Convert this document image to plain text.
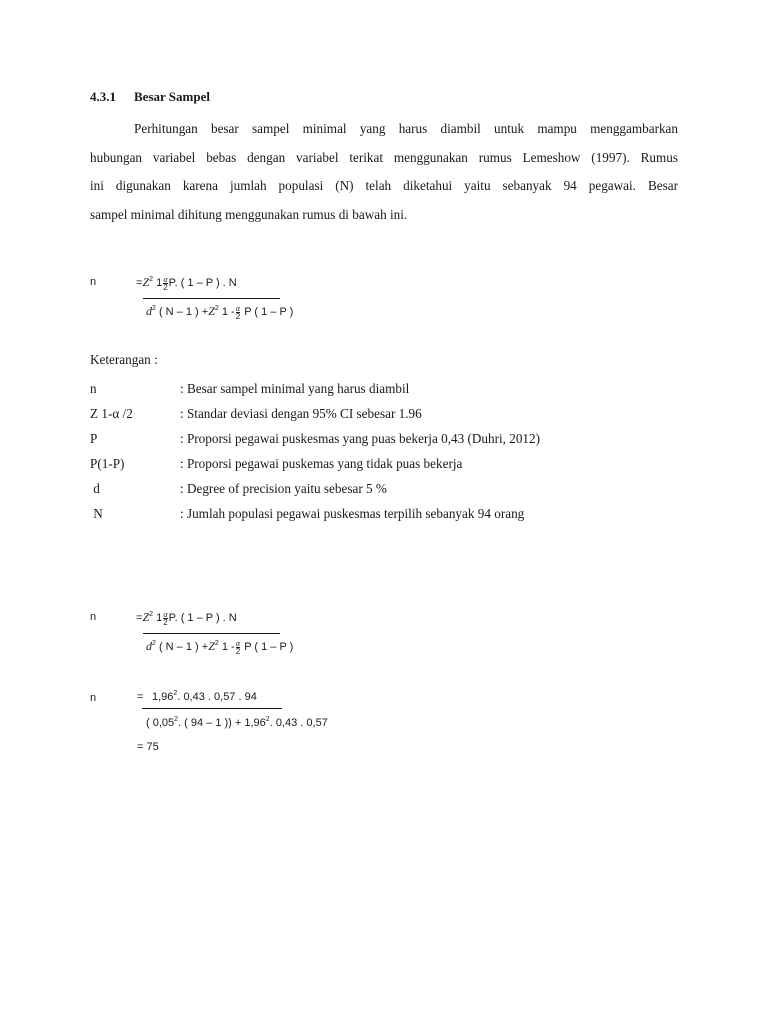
4.3.1 Besar Sampel
Perhitungan besar sampel minimal yang harus diambil untuk mampu menggambarkan
hubungan variabel bebas dengan variabel terikat menggunakan rumus Lemeshow (1997). Rumus
ini digunakan karena jumlah populasi (N) telah diketahui yaitu sebanyak 94 pegawai. Besar
sampel minimal dihitung menggunakan rumus di bawah ini.
n	$=Z^2$ $1 \frac{\alpha}{2} P$. ( 1 – P ) . N
$d^2$ ( N – 1 ) $+Z^2$ $1 - \frac{\alpha}{2}$ P ( 1 – P )
Keterangan :
n	: Besar sampel minimal yang harus diambil
Z 1-α /2	: Standar deviasi dengan 95% CI sebesar 1.96
P	: Proporsi pegawai puskesmas yang puas bekerja 0,43 (Duhri, 2012)
P(1-P)	: Proporsi pegawai puskemas yang tidak puas bekerja
d	: Degree of precision yaitu sebesar 5 %
N	: Jumlah populasi pegawai puskesmas terpilih sebanyak 94 orang
n	$=Z^2$ $1 \frac{\alpha}{2} P$. ( 1 – P ) . N
$d^2$ ( N – 1 ) $+Z^2$ $1 - \frac{\alpha}{2}$ P ( 1 – P )
n	= $1,96^2$. 0,43 . 0,57 . 94
( 0,05$^2$. ( 94 – 1 )) + $1,96^2$. 0,43 . 0,57
= 75
